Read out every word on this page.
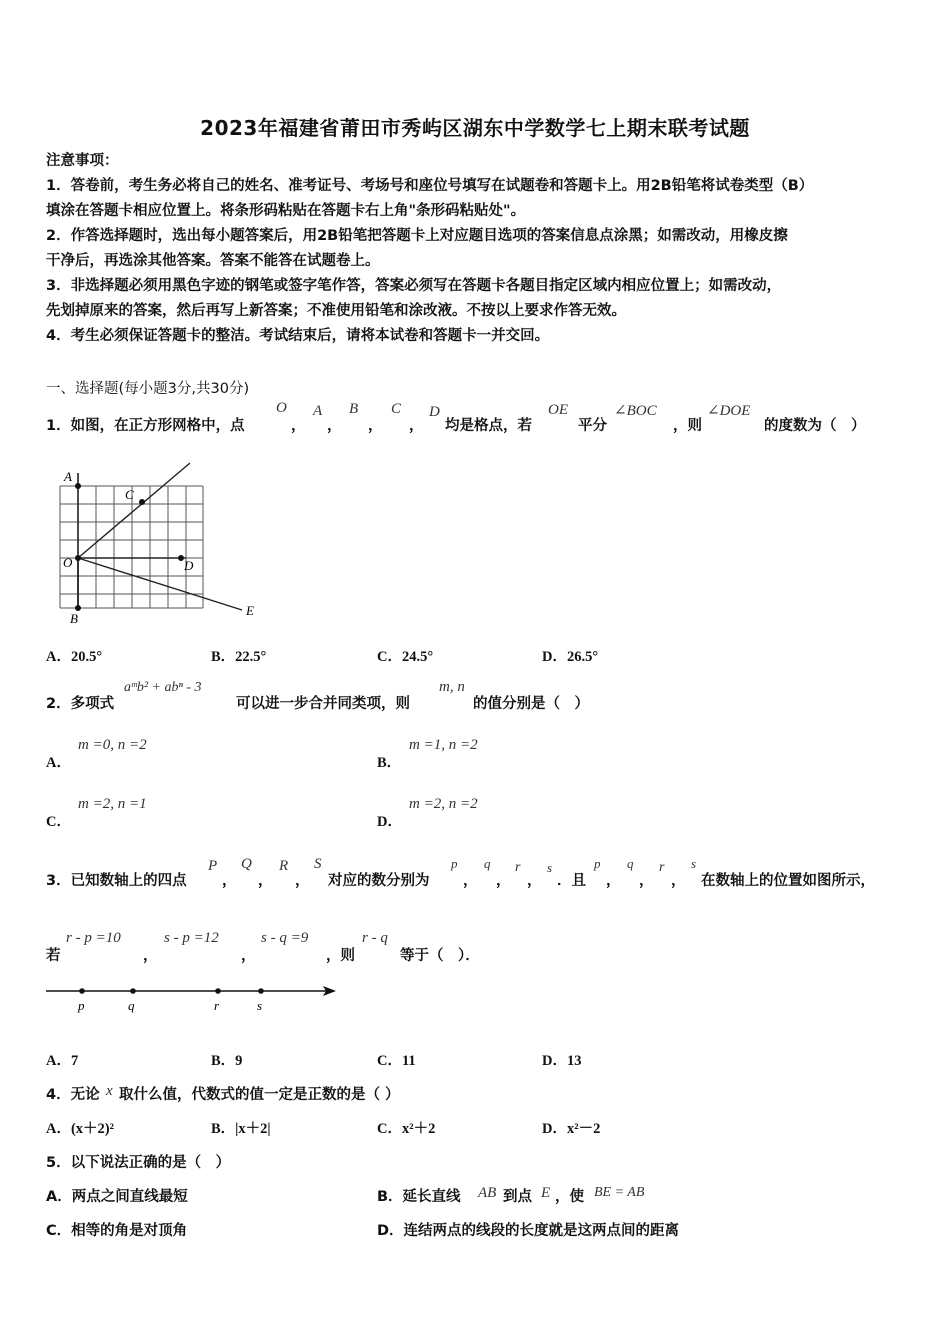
2023年福建省莆田市秀屿区湖东中学数学七上期末联考试题
注意事项：
1．答卷前，考生务必将自己的姓名、准考证号、考场号和座位号填写在试题卷和答题卡上。用2B铅笔将试卷类型（B）
填涂在答题卡相应位置上。将条形码粘贴在答题卡右上角"条形码粘贴处"。
2．作答选择题时，选出每小题答案后，用2B铅笔把答题卡上对应题目选项的答案信息点涂黑；如需改动，用橡皮擦
干净后，再选涂其他答案。答案不能答在试题卷上。
3．非选择题必须用黑色字迹的钢笔或签字笔作答，答案必须写在答题卡各题目指定区域内相应位置上；如需改动，
先划掉原来的答案，然后再写上新答案；不准使用铅笔和涂改液。不按以上要求作答无效。
4．考生必须保证答题卡的整洁。考试结束后，请将本试卷和答题卡一并交回。
一、选择题(每小题3分,共30分)
1．如图，在正方形网格中，点
O
，
A
，
B
，
C
，
D
均是格点，若
OE
平分
∠BOC
，则
∠DOE
的度数为（　）
A
B
C
D
O
E
A．20.5°	B．22.5°	C．24.5°	D．26.5°
2．多项式
aᵐb² + abⁿ - 3
可以进一步合并同类项，则
m, n
的值分别是（　）
A．
m =0, n =2
B．
m =1, n =2
C．
m =2, n =1
D．
m =2, n =2
3．已知数轴上的四点
P
，
Q
，
R
，
S
对应的数分别为
p
，
q
，
r
，
s
．且
p
，
q
，
r
，
s
在数轴上的位置如图所示，
若
r - p =10
，
s - p =12
，
s - q =9
，则
r - q
等于（　）．
p	q	r	s
A．7	B．9	C．11	D．13
4．无论 x 取什么值，代数式的值一定是正数的是（ ）
A．(x＋2)²	B．|x＋2|	C．x²＋2	D．x²－2
5．以下说法正确的是（　）
A．两点之间直线最短	B．延长直线 AB 到点 E ，使 BE = AB
C．相等的角是对顶角	D．连结两点的线段的长度就是这两点间的距离
